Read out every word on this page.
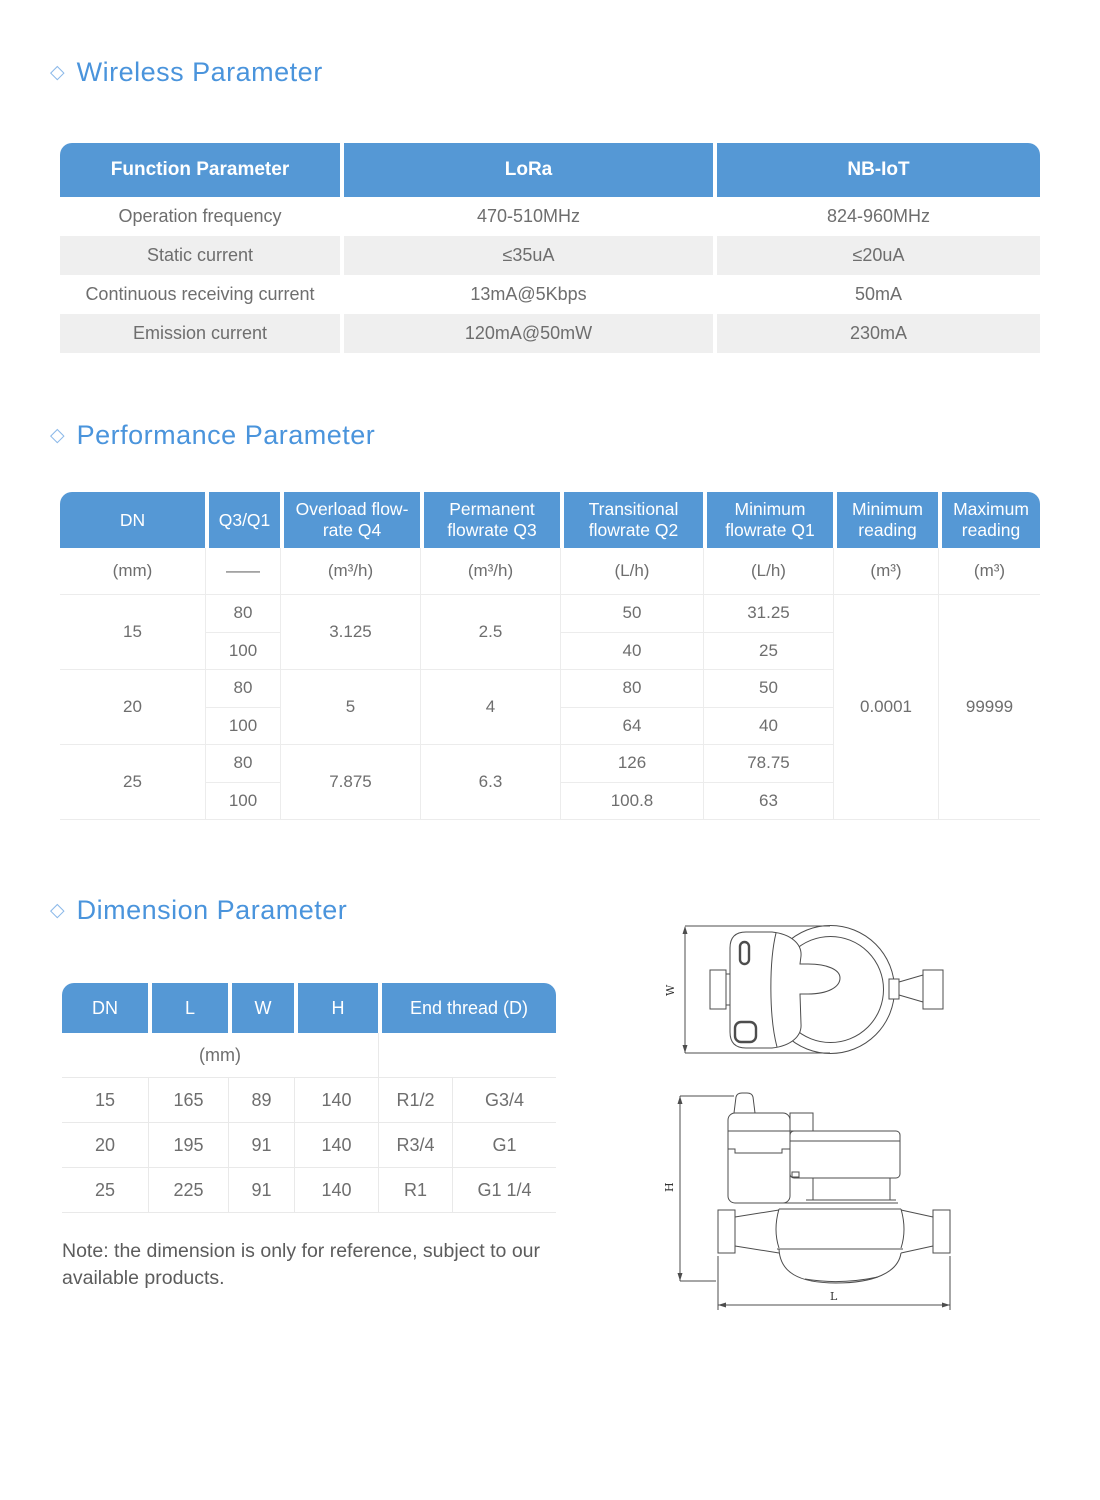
◇ Wireless Parameter
Function Parameter	LoRa	NB-IoT
Operation frequency	470-510MHz	824-960MHz
Static current	≤35uA	≤20uA
Continuous receiving current	13mA@5Kbps	50mA
Emission current	120mA@50mW	230mA
◇ Performance Parameter
DN	Q3/Q1	Overload flow-rate Q4	Permanent flowrate Q3	Transitional flowrate Q2	Minimum flowrate Q1	Minimum reading	Maximum reading
(mm)	——	(m³/h)	(m³/h)	(L/h)	(L/h)	(m³)	(m³)
15	80	3.125	2.5	50	31.25	0.0001	99999
	100			40	25		
20	80	5	4	80	50		
	100			64	40		
25	80	7.875	6.3	126	78.75		
	100			100.8	63		
◇ Dimension Parameter
DN	L	W	H	End thread (D)	
(mm)					
15	165	89	140	R1/2	G3/4
20	195	91	140	R3/4	G1
25	225	91	140	R1	G1 1/4

Note: the dimension is only for reference, subject to our available products.

W
H
L
